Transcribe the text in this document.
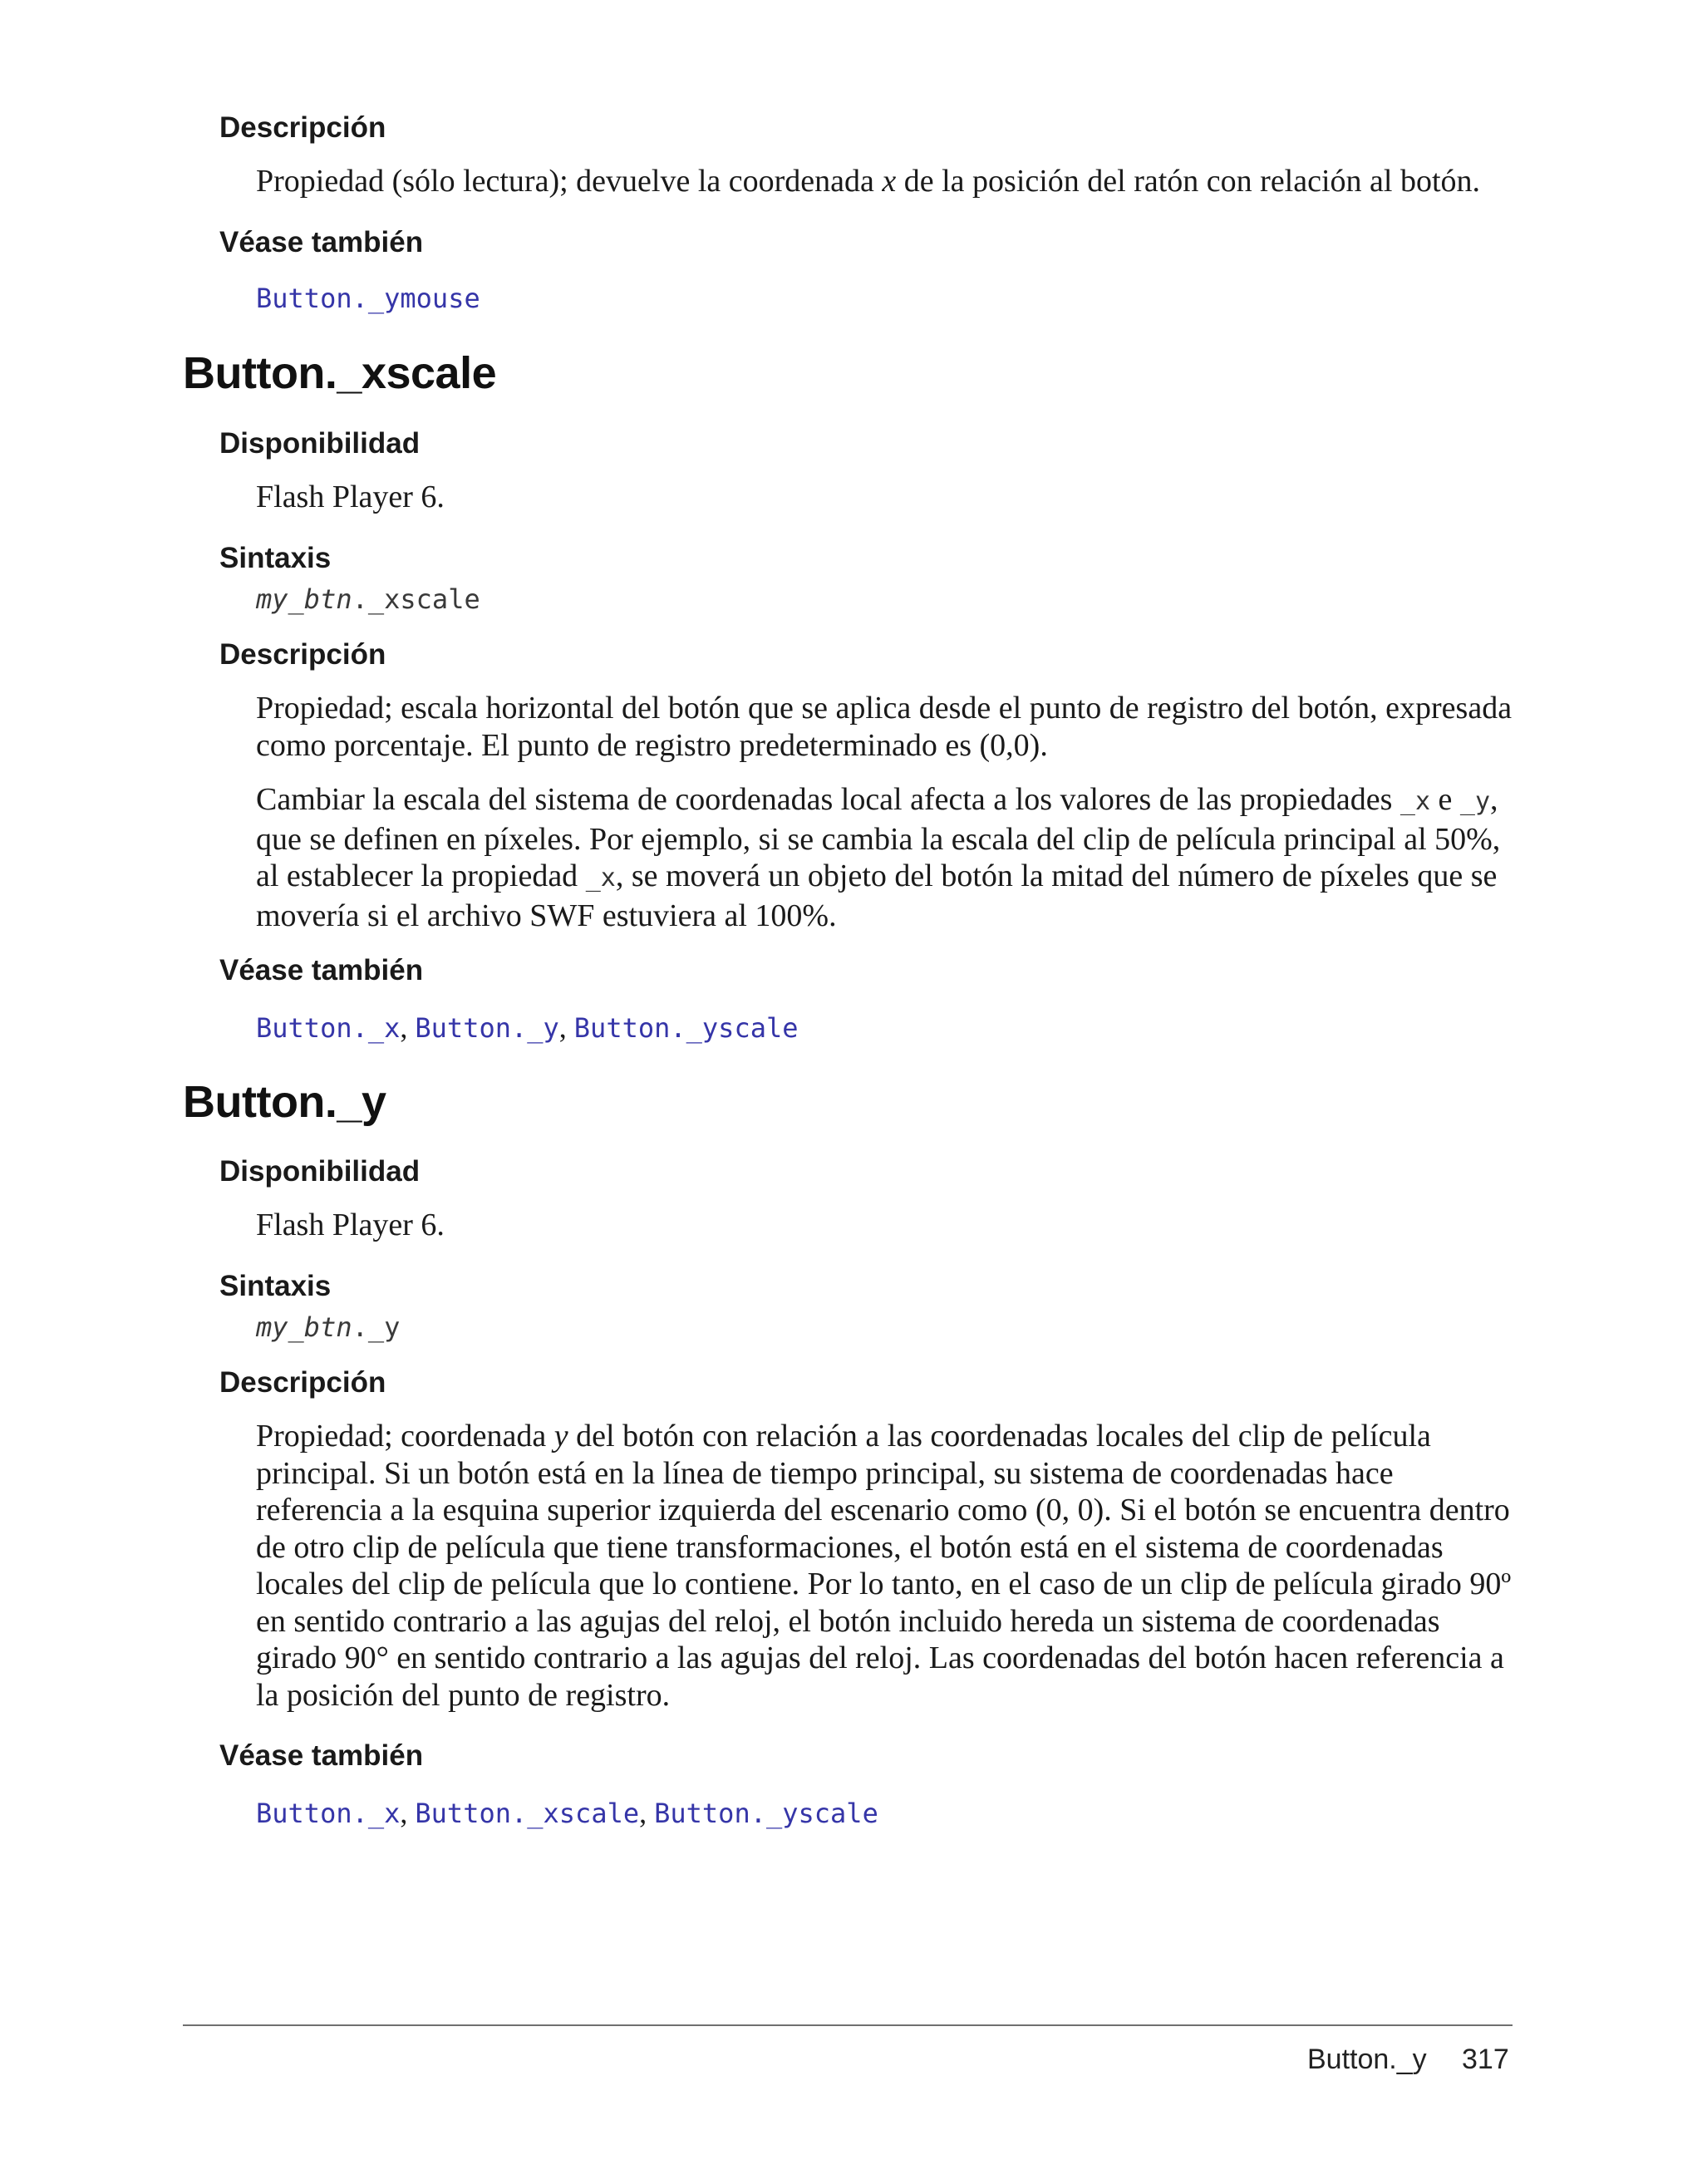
Descripción

Propiedad (sólo lectura); devuelve la coordenada x de la posición del ratón con relación al botón.

Véase también

Button._ymouse

Button._xscale
Disponibilidad

Flash Player 6.

Sintaxis

my_btn._xscale

Descripción

Propiedad; escala horizontal del botón que se aplica desde el punto de registro del botón, expresada como porcentaje. El punto de registro predeterminado es (0,0).

Cambiar la escala del sistema de coordenadas local afecta a los valores de las propiedades _x e _y, que se definen en píxeles. Por ejemplo, si se cambia la escala del clip de película principal al 50%, al establecer la propiedad _x, se moverá un objeto del botón la mitad del número de píxeles que se movería si el archivo SWF estuviera al 100%.

Véase también

Button._x, Button._y, Button._yscale

Button._y
Disponibilidad

Flash Player 6.

Sintaxis

my_btn._y

Descripción

Propiedad; coordenada y del botón con relación a las coordenadas locales del clip de película principal. Si un botón está en la línea de tiempo principal, su sistema de coordenadas hace referencia a la esquina superior izquierda del escenario como (0, 0). Si el botón se encuentra dentro de otro clip de película que tiene transformaciones, el botón está en el sistema de coordenadas locales del clip de película que lo contiene. Por lo tanto, en el caso de un clip de película girado 90º en sentido contrario a las agujas del reloj, el botón incluido hereda un sistema de coordenadas girado 90° en sentido contrario a las agujas del reloj. Las coordenadas del botón hacen referencia a la posición del punto de registro.

Véase también

Button._x, Button._xscale, Button._yscale

Button._y 317
